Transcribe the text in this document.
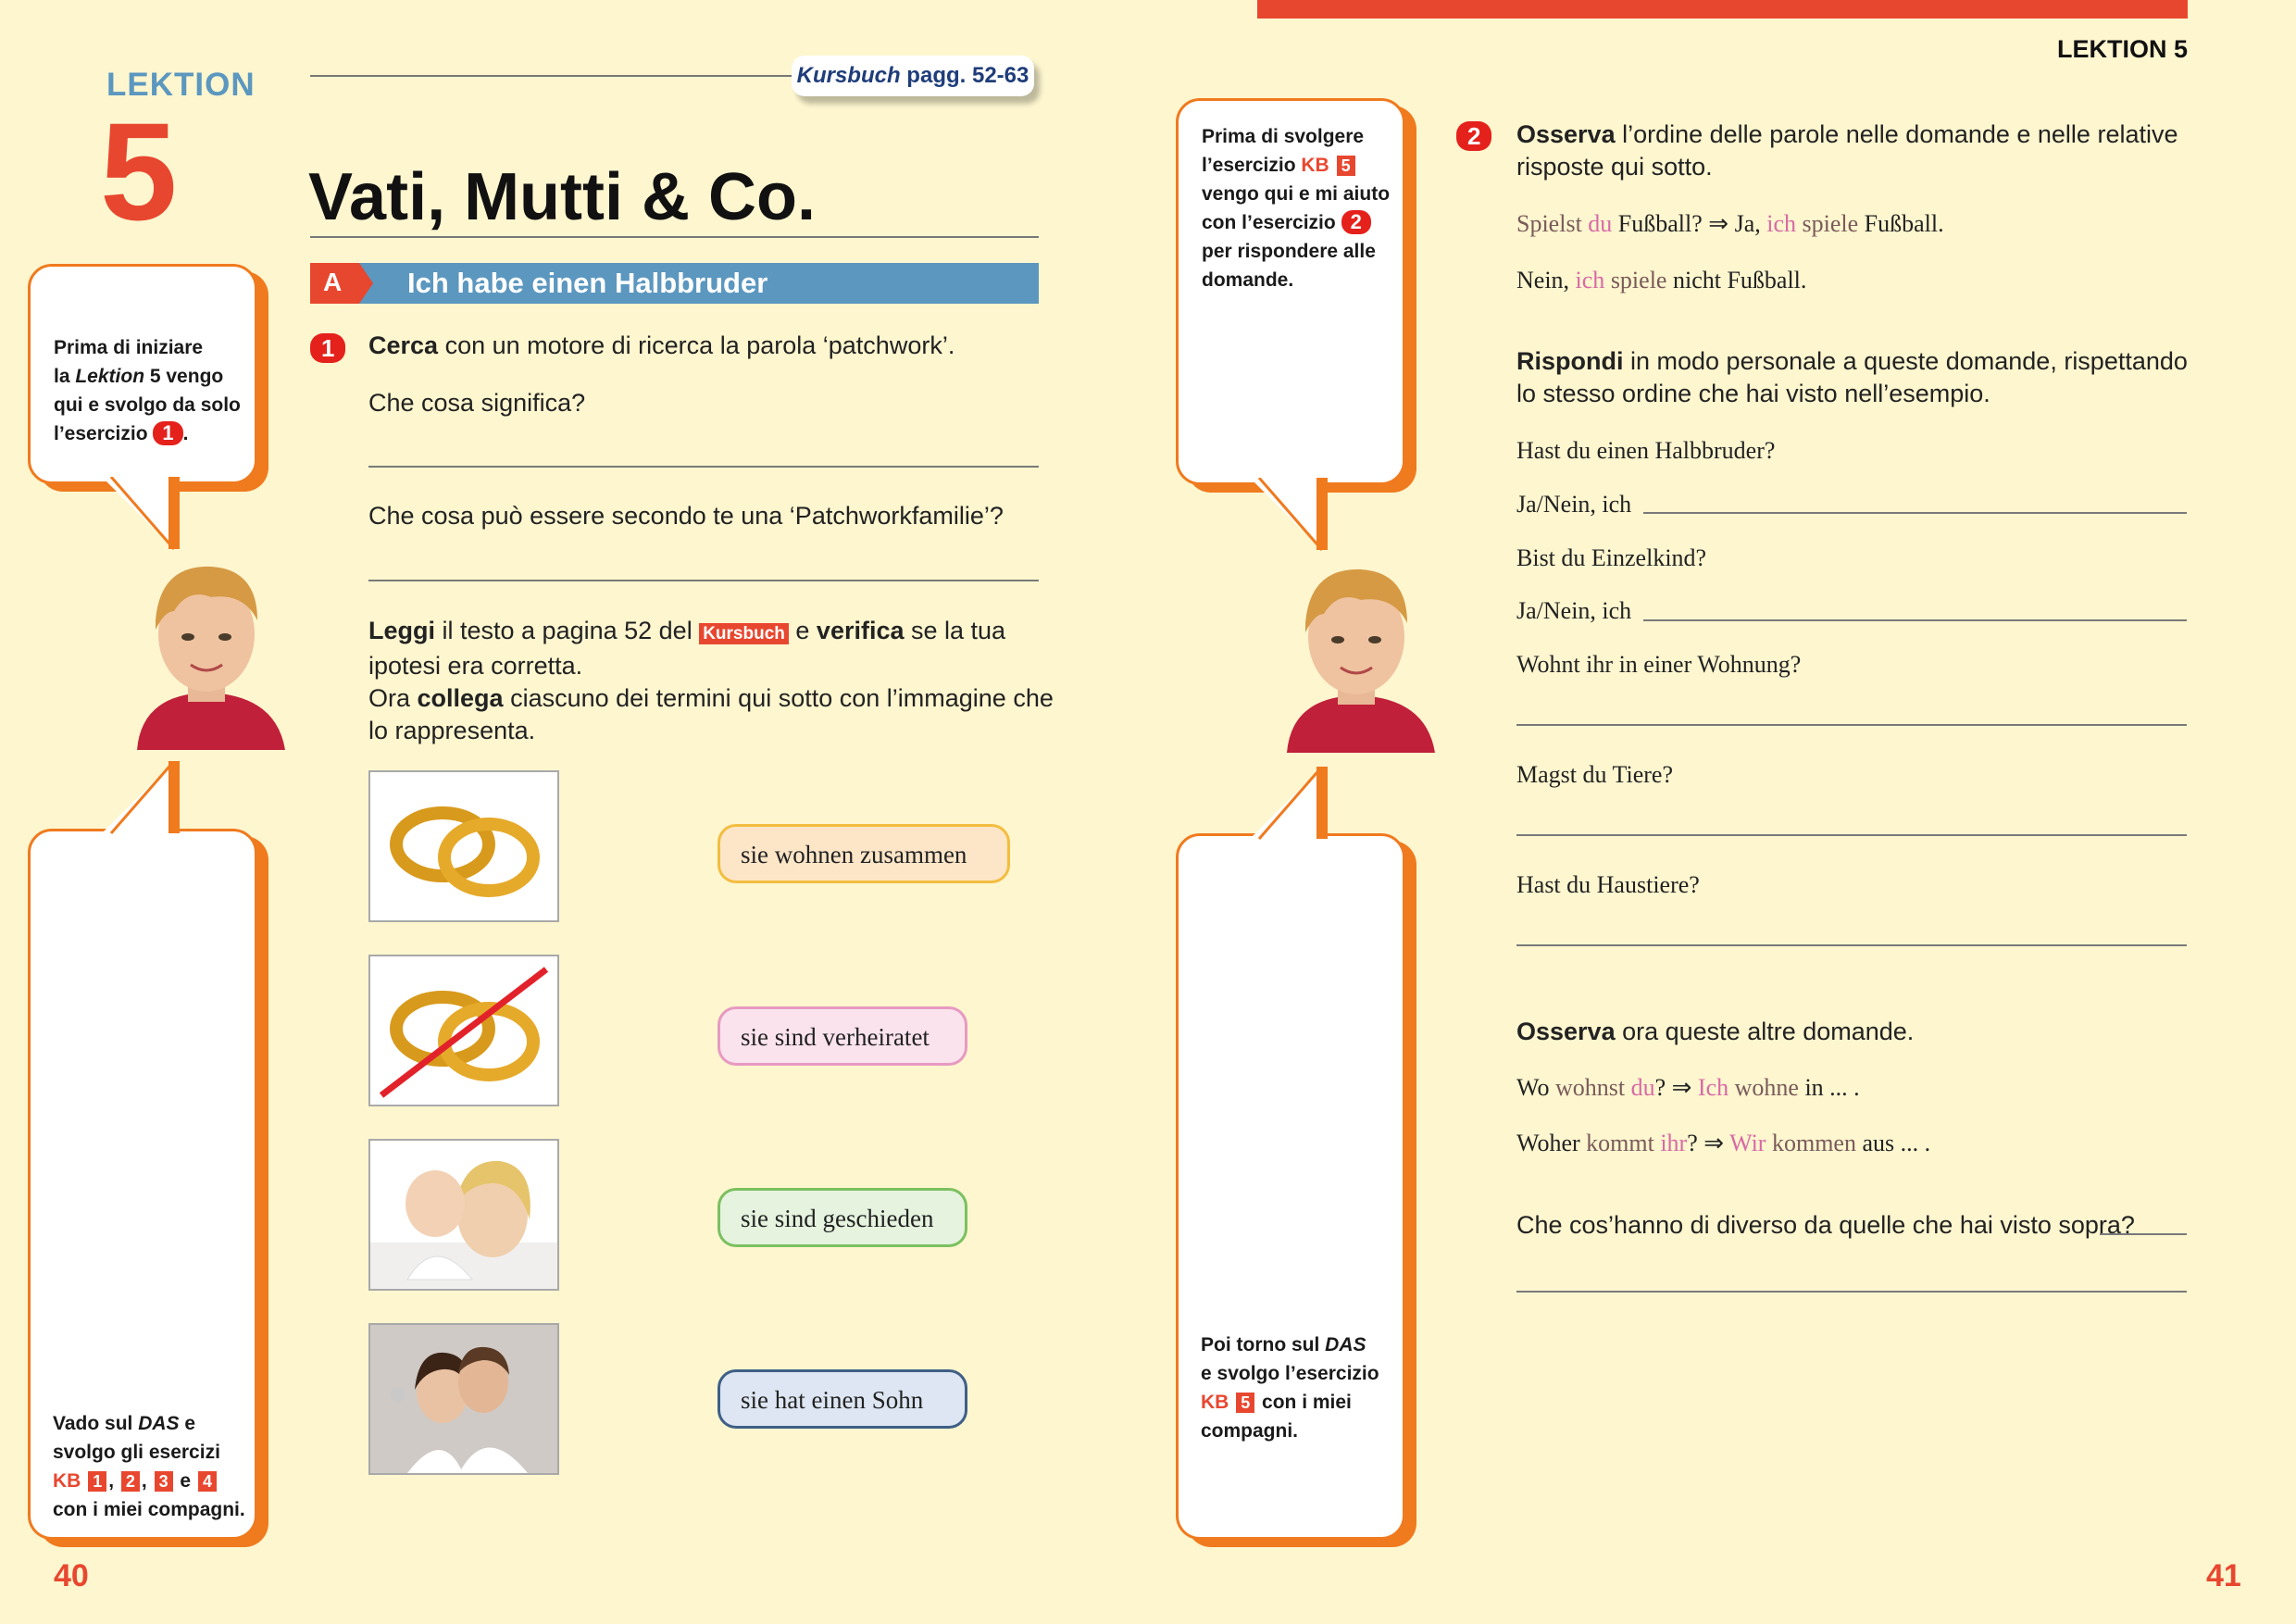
LEKTION
5
Kursbuch pagg. 52-63
Vati, Mutti & Co.
A Ich habe einen Halbbruder
Prima di iniziare
la Lektion 5 vengo
qui e svolgo da solo
l’esercizio 1 .
Vado sul DAS e
svolgo gli esercizi
KB 1 , 2 , 3 e 4
con i miei compagni.
1	Cerca con un motore di ricerca la parola ‘patchwork’.
Che cosa significa?
Che cosa può essere secondo te una ‘Patchworkfamilie’?
Leggi il testo a pagina 52 del Kursbuch e verifica se la tua
ipotesi era corretta.
Ora collega ciascuno dei termini qui sotto con l’immagine che
lo rappresenta.
sie wohnen zusammen
sie sind verheiratet
sie sind geschieden
sie hat einen Sohn
40
LEKTION 5
Prima di svolgere
l’esercizio KB 5
vengo qui e mi aiuto
con l’esercizio 2
per rispondere alle
domande.
Poi torno sul DAS
e svolgo l’esercizio
KB 5 con i miei
compagni.
2	Osserva l’ordine delle parole nelle domande e nelle relative
risposte qui sotto.
Spielst du Fußball? ⇒ Ja, ich spiele Fußball.
Nein, ich spiele nicht Fußball.
Rispondi in modo personale a queste domande, rispettando
lo stesso ordine che hai visto nell’esempio.
Hast du einen Halbbruder?
Ja/Nein, ich
Bist du Einzelkind?
Ja/Nein, ich
Wohnt ihr in einer Wohnung?
Magst du Tiere?
Hast du Haustiere?
Osserva ora queste altre domande.
Wo wohnst du? ⇒ Ich wohne in ... .
Woher kommt ihr? ⇒ Wir kommen aus ... .
Che cos’hanno di diverso da quelle che hai visto sopra?
41
